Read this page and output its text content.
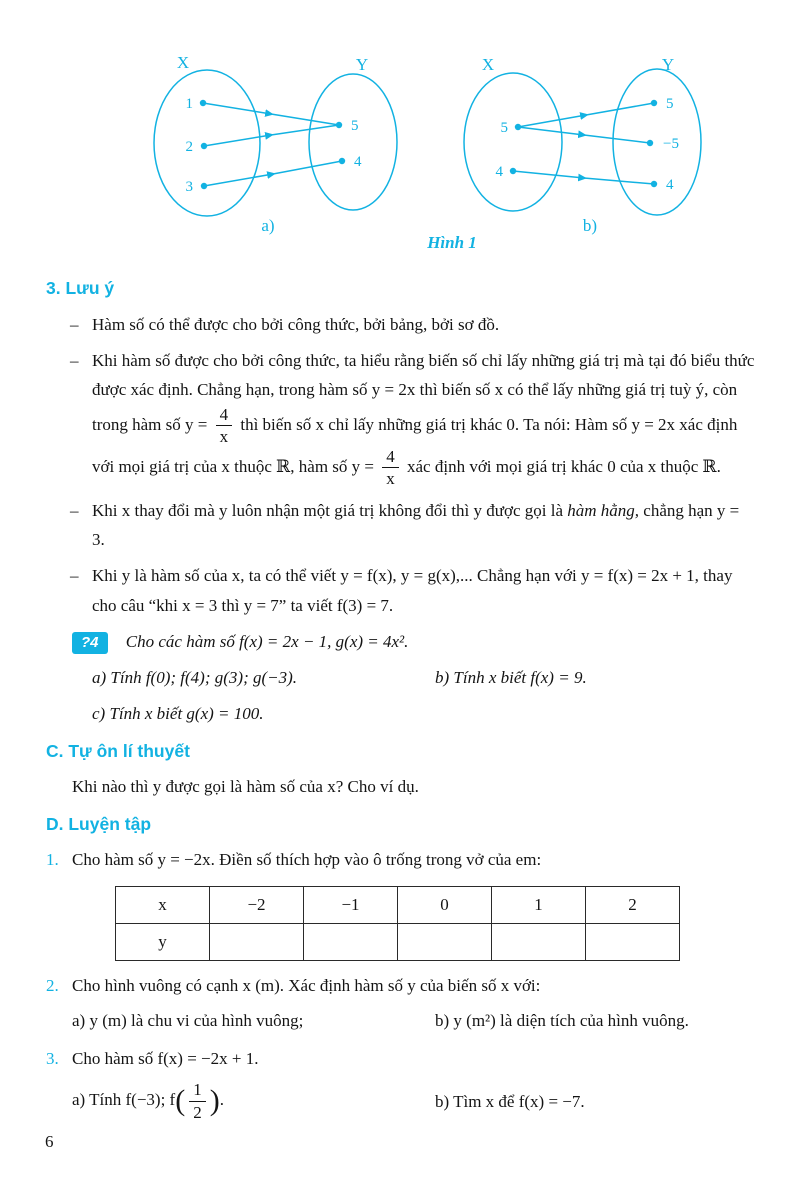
X	Y
1
2
3
5
4
a)
X	Y
5
4
5
−5
4
b)
Hình 1
3. Lưu ý
– Hàm số có thể được cho bởi công thức, bởi bảng, bởi sơ đồ.
– Khi hàm số được cho bởi công thức, ta hiểu rằng biến số chỉ lấy những giá trị mà tại đó biểu thức được xác định. Chẳng hạn, trong hàm số y = 2x thì biến số x có thể lấy những giá trị tuỳ ý, còn trong hàm số $y = \frac{4}{x}$ thì biến số x chỉ lấy những giá trị khác 0. Ta nói: Hàm số y = 2x xác định với mọi giá trị của x thuộc ℝ, hàm số $y = \frac{4}{x}$ xác định với mọi giá trị khác 0 của x thuộc ℝ.
– Khi x thay đổi mà y luôn nhận một giá trị không đổi thì y được gọi là hàm hằng, chẳng hạn y = 3.
– Khi y là hàm số của x, ta có thể viết y = f(x), y = g(x),... Chẳng hạn với y = f(x) = 2x + 1, thay cho câu “khi x = 3 thì y = 7” ta viết f(3) = 7.
?4 Cho các hàm số f(x) = 2x − 1, g(x) = 4x².
a) Tính f(0); f(4); g(3); g(−3).	b) Tính x biết f(x) = 9.
c) Tính x biết g(x) = 100.
C. Tự ôn lí thuyết
Khi nào thì y được gọi là hàm số của x? Cho ví dụ.
D. Luyện tập
1. Cho hàm số y = −2x. Điền số thích hợp vào ô trống trong vở của em:
x	−2	−1	0	1	2
y					
2. Cho hình vuông có cạnh x (m). Xác định hàm số y của biến số x với:
a) y (m) là chu vi của hình vuông;	b) y (m²) là diện tích của hình vuông.
3. Cho hàm số f(x) = −2x + 1.
a) Tính f(−3); $f( \frac{1}{2}$ ).	b) Tìm x để f(x) = −7.
6
